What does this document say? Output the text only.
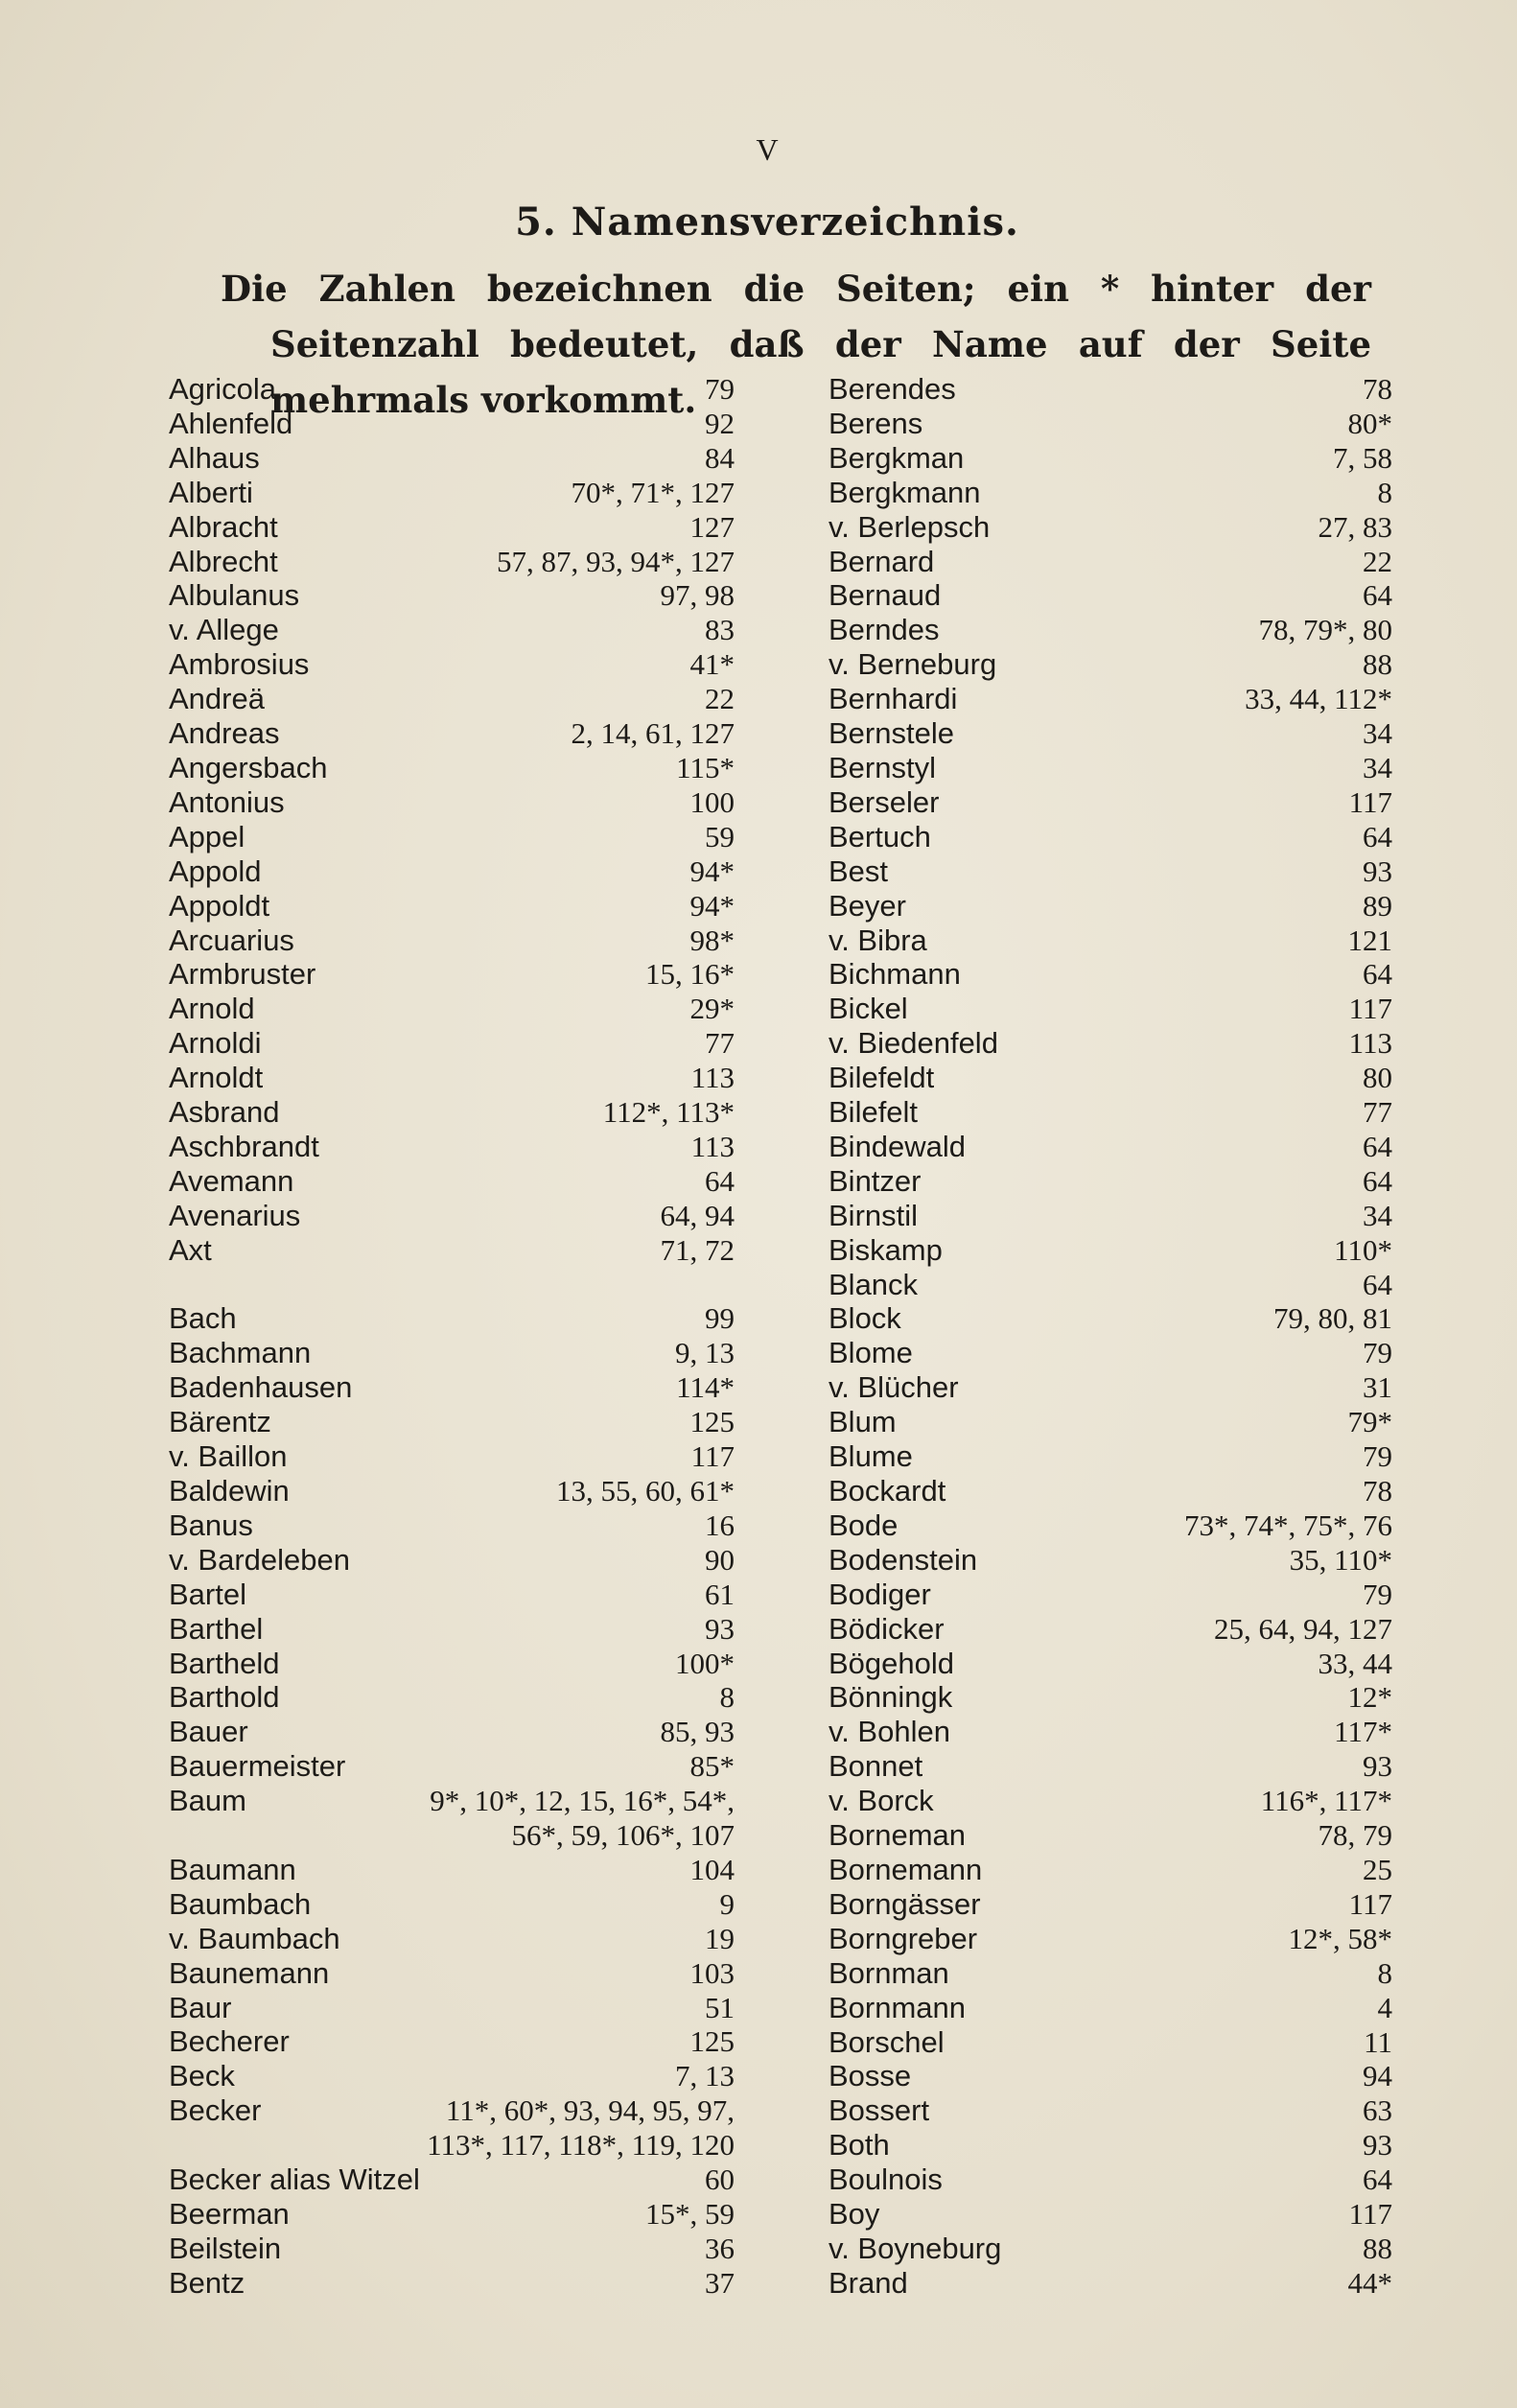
V
5. Namensverzeichnis.
Die Zahlen bezeichnen die Seiten; ein * hinter der Seitenzahl bedeutet, daß der Name auf der Seite mehrmals vorkommt.
Agricola	79
Ahlenfeld	92
Alhaus	84
Alberti	70*, 71*, 127
Albracht	127
Albrecht	57, 87, 93, 94*, 127
Albulanus	97, 98
v. Allege	83
Ambrosius	41*
Andreä	22
Andreas	2, 14, 61, 127
Angersbach	115*
Antonius	100
Appel	59
Appold	94*
Appoldt	94*
Arcuarius	98*
Armbruster	15, 16*
Arnold	29*
Arnoldi	77
Arnoldt	113
Asbrand	112*, 113*
Aschbrandt	113
Avemann	64
Avenarius	64, 94
Axt	71, 72
Bach	99
Bachmann	9, 13
Badenhausen	114*
Bärentz	125
v. Baillon	117
Baldewin	13, 55, 60, 61*
Banus	16
v. Bardeleben	90
Bartel	61
Barthel	93
Bartheld	100*
Barthold	8
Bauer	85, 93
Bauermeister	85*
Baum	9*, 10*, 12, 15, 16*, 54*,
56*, 59, 106*, 107
Baumann	104
Baumbach	9
v. Baumbach	19
Baunemann	103
Baur	51
Becherer	125
Beck	7, 13
Becker	11*, 60*, 93, 94, 95, 97,
113*, 117, 118*, 119, 120
Becker alias Witzel	60
Beerman	15*, 59
Beilstein	36
Bentz	37
Berendes	78
Berens	80*
Bergkman	7, 58
Bergkmann	8
v. Berlepsch	27, 83
Bernard	22
Bernaud	64
Berndes	78, 79*, 80
v. Berneburg	88
Bernhardi	33, 44, 112*
Bernstele	34
Bernstyl	34
Berseler	117
Bertuch	64
Best	93
Beyer	89
v. Bibra	121
Bichmann	64
Bickel	117
v. Biedenfeld	113
Bilefeldt	80
Bilefelt	77
Bindewald	64
Bintzer	64
Birnstil	34
Biskamp	110*
Blanck	64
Block	79, 80, 81
Blome	79
v. Blücher	31
Blum	79*
Blume	79
Bockardt	78
Bode	73*, 74*, 75*, 76
Bodenstein	35, 110*
Bodiger	79
Bödicker	25, 64, 94, 127
Bögehold	33, 44
Bönningk	12*
v. Bohlen	117*
Bonnet	93
v. Borck	116*, 117*
Borneman	78, 79
Bornemann	25
Borngässer	117
Borngreber	12*, 58*
Bornman	8
Bornmann	4
Borschel	11
Bosse	94
Bossert	63
Both	93
Boulnois	64
Boy	117
v. Boyneburg	88
Brand	44*
